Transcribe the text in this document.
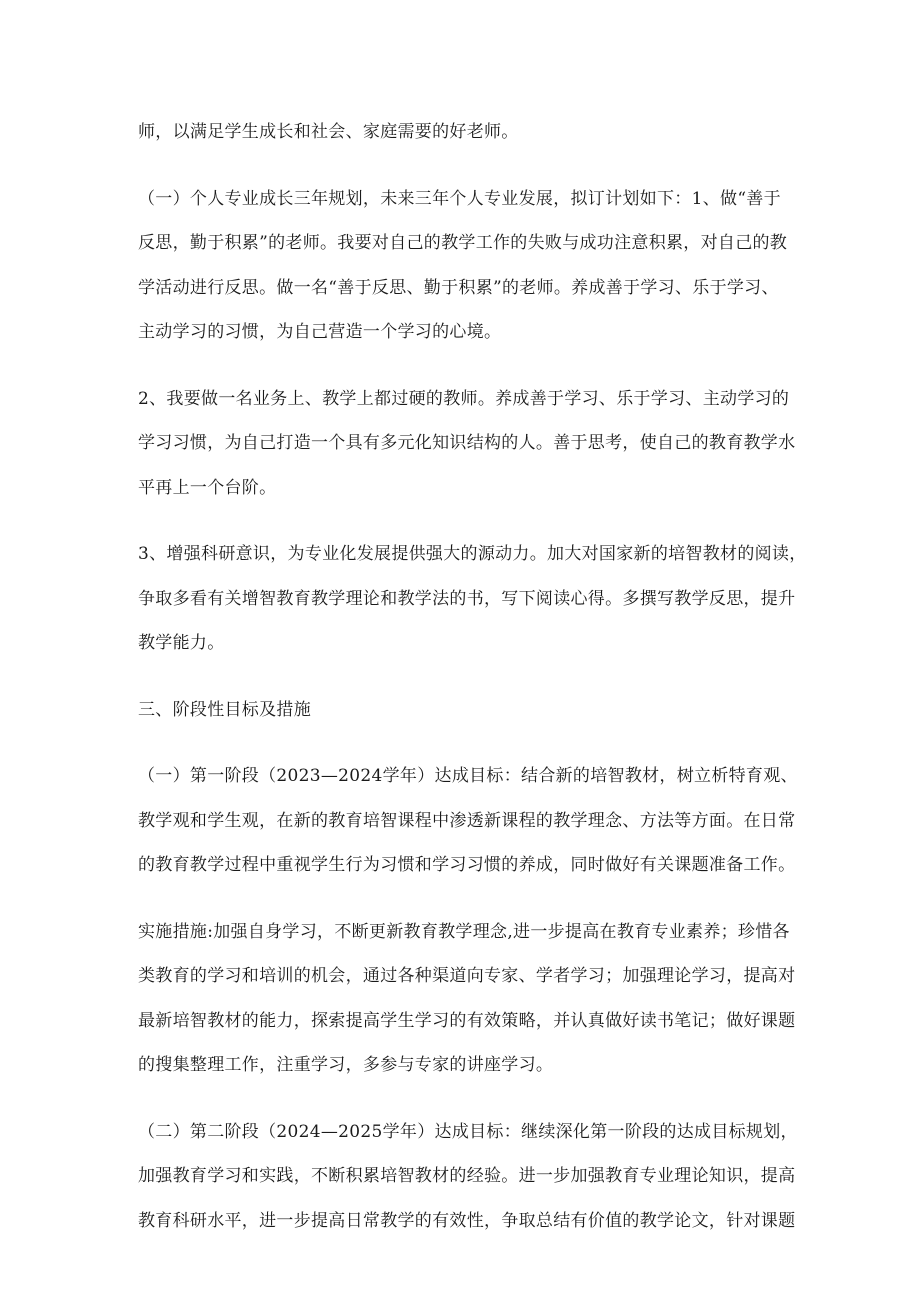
师，以满足学生成长和社会、家庭需要的好老师。

（一）个人专业成长三年规划，未来三年个人专业发展，拟订计划如下：1、做“善于
反思，勤于积累”的老师。我要对自己的教学工作的失败与成功注意积累，对自己的教
学活动进行反思。做一名“善于反思、勤于积累”的老师。养成善于学习、乐于学习、
主动学习的习惯，为自己营造一个学习的心境。

2、我要做一名业务上、教学上都过硬的教师。养成善于学习、乐于学习、主动学习的
学习习惯，为自己打造一个具有多元化知识结构的人。善于思考，使自己的教育教学水
平再上一个台阶。

3、增强科研意识，为专业化发展提供强大的源动力。加大对国家新的培智教材的阅读，
争取多看有关增智教育教学理论和教学法的书，写下阅读心得。多撰写教学反思，提升
教学能力。

三、阶段性目标及措施

（一）第一阶段（2023—2024学年）达成目标：结合新的培智教材，树立析特育观、
教学观和学生观，在新的教育培智课程中渗透新课程的教学理念、方法等方面。在日常
的教育教学过程中重视学生行为习惯和学习习惯的养成，同时做好有关课题准备工作。

实施措施:加强自身学习，不断更新教育教学理念,进一步提高在教育专业素养；珍惜各
类教育的学习和培训的机会，通过各种渠道向专家、学者学习；加强理论学习，提高对
最新培智教材的能力，探索提高学生学习的有效策略，并认真做好读书笔记；做好课题
的搜集整理工作，注重学习，多参与专家的讲座学习。

（二）第二阶段（2024—2025学年）达成目标：继续深化第一阶段的达成目标规划，
加强教育学习和实践，不断积累培智教材的经验。进一步加强教育专业理论知识，提高
教育科研水平，进一步提高日常教学的有效性，争取总结有价值的教学论文，针对课题
